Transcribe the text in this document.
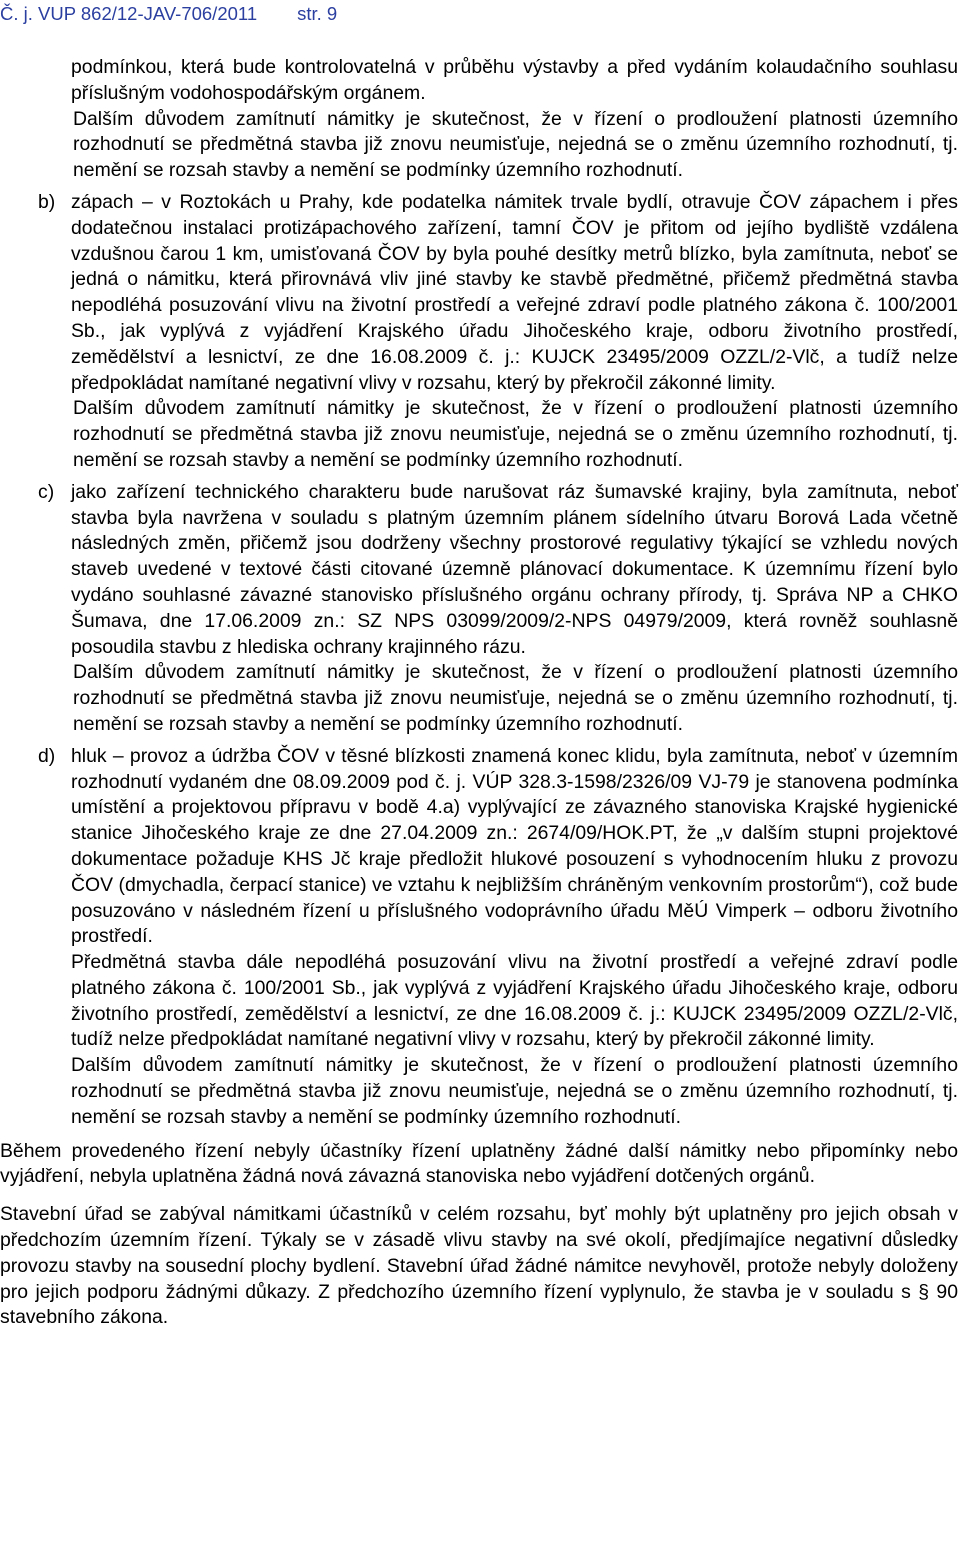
Č. j. VUP 862/12-JAV-706/2011 str. 9

podmínkou, která bude kontrolovatelná v průběhu výstavby a před vydáním kolaudačního souhlasu příslušným vodohospodářským orgánem.

Dalším důvodem zamítnutí námitky je skutečnost, že v řízení o prodloužení platnosti územního rozhodnutí se předmětná stavba již znovu neumisťuje, nejedná se o změnu územního rozhodnutí, tj. nemění se rozsah stavby a nemění se podmínky územního rozhodnutí.

b) zápach – v Roztokách u Prahy, kde podatelka námitek trvale bydlí, otravuje ČOV zápachem i přes dodatečnou instalaci protizápachového zařízení, tamní ČOV je přitom od jejího bydliště vzdálena vzdušnou čarou 1 km, umisťovaná ČOV by byla pouhé desítky metrů blízko, byla zamítnuta, neboť se jedná o námitku, která přirovnává vliv jiné stavby ke stavbě předmětné, přičemž předmětná stavba nepodléhá posuzování vlivu na životní prostředí a veřejné zdraví podle platného zákona č. 100/2001 Sb., jak vyplývá z vyjádření Krajského úřadu Jihočeského kraje, odboru životního prostředí, zemědělství a lesnictví, ze dne 16.08.2009 č. j.: KUJCK 23495/2009 OZZL/2-Vlč, a tudíž nelze předpokládat namítané negativní vlivy v rozsahu, který by překročil zákonné limity.

Dalším důvodem zamítnutí námitky je skutečnost, že v řízení o prodloužení platnosti územního rozhodnutí se předmětná stavba již znovu neumisťuje, nejedná se o změnu územního rozhodnutí, tj. nemění se rozsah stavby a nemění se podmínky územního rozhodnutí.

c) jako zařízení technického charakteru bude narušovat ráz šumavské krajiny, byla zamítnuta, neboť stavba byla navržena v souladu s platným územním plánem sídelního útvaru Borová Lada včetně následných změn, přičemž jsou dodrženy všechny prostorové regulativy týkající se vzhledu nových staveb uvedené v textové části citované územně plánovací dokumentace. K územnímu řízení bylo vydáno souhlasné závazné stanovisko příslušného orgánu ochrany přírody, tj. Správa NP a CHKO Šumava, dne 17.06.2009 zn.: SZ NPS 03099/2009/2-NPS 04979/2009, která rovněž souhlasně posoudila stavbu z hlediska ochrany krajinného rázu.

Dalším důvodem zamítnutí námitky je skutečnost, že v řízení o prodloužení platnosti územního rozhodnutí se předmětná stavba již znovu neumisťuje, nejedná se o změnu územního rozhodnutí, tj. nemění se rozsah stavby a nemění se podmínky územního rozhodnutí.

d) hluk – provoz a údržba ČOV v těsné blízkosti znamená konec klidu, byla zamítnuta, neboť v územním rozhodnutí vydaném dne 08.09.2009 pod č. j. VÚP 328.3-1598/2326/09 VJ-79 je stanovena podmínka umístění a projektovou přípravu v bodě 4.a) vyplývající ze závazného stanoviska Krajské hygienické stanice Jihočeského kraje ze dne 27.04.2009 zn.: 2674/09/HOK.PT, že „v dalším stupni projektové dokumentace požaduje KHS Jč kraje předložit hlukové posouzení s vyhodnocením hluku z provozu ČOV (dmychadla, čerpací stanice) ve vztahu k nejbližším chráněným venkovním prostorům“), což bude posuzováno v následném řízení u příslušného vodoprávního úřadu MěÚ Vimperk – odboru životního prostředí.

Předmětná stavba dále nepodléhá posuzování vlivu na životní prostředí a veřejné zdraví podle platného zákona č. 100/2001 Sb., jak vyplývá z vyjádření Krajského úřadu Jihočeského kraje, odboru životního prostředí, zemědělství a lesnictví, ze dne 16.08.2009 č. j.: KUJCK 23495/2009 OZZL/2-Vlč, tudíž nelze předpokládat namítané negativní vlivy v rozsahu, který by překročil zákonné limity.

Dalším důvodem zamítnutí námitky je skutečnost, že v řízení o prodloužení platnosti územního rozhodnutí se předmětná stavba již znovu neumisťuje, nejedná se o změnu územního rozhodnutí, tj. nemění se rozsah stavby a nemění se podmínky územního rozhodnutí.

Během provedeného řízení nebyly účastníky řízení uplatněny žádné další námitky nebo připomínky nebo vyjádření, nebyla uplatněna žádná nová závazná stanoviska nebo vyjádření dotčených orgánů.

Stavební úřad se zabýval námitkami účastníků v celém rozsahu, byť mohly být uplatněny pro jejich obsah v předchozím územním řízení. Týkaly se v zásadě vlivu stavby na své okolí, předjímajíce negativní důsledky provozu stavby na sousední plochy bydlení. Stavební úřad žádné námitce nevyhověl, protože nebyly doloženy pro jejich podporu žádnými důkazy. Z předchozího územního řízení vyplynulo, že stavba je v souladu s § 90 stavebního zákona.
